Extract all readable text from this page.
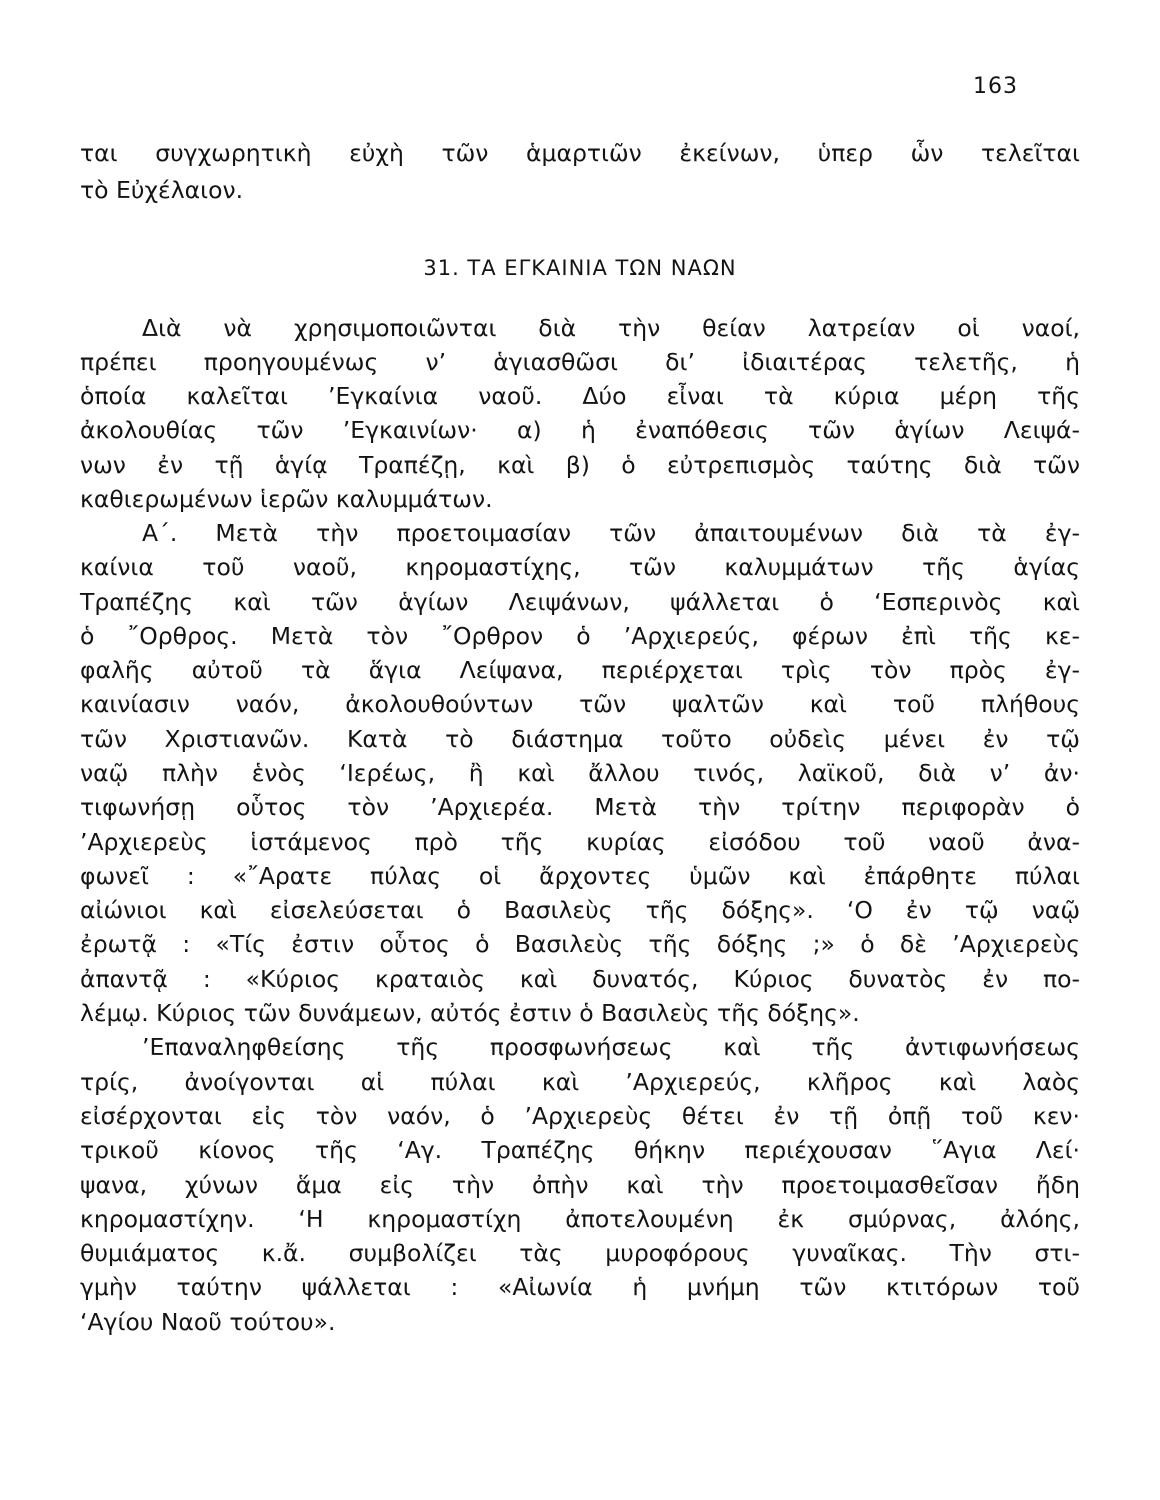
163
ται συγχωρητικὴ εὐχὴ τῶν ἁμαρτιῶν ἐκείνων, ὑπερ ὧν τελεῖται
τὸ Εὐχέλαιον.
31. ΤΑ ΕΓΚΑΙΝΙΑ ΤΩΝ ΝΑΩΝ
Διὰ νὰ χρησιμοποιῶνται διὰ τὴν θείαν λατρείαν οἱ ναοί,
πρέπει προηγουμένως ν’ ἁγιασθῶσι δι’ ἰδιαιτέρας τελετῆς, ἡ
ὁποία καλεῖται ’Εγκαίνια ναοῦ. Δύο εἶναι τὰ κύρια μέρη τῆς
ἀκολουθίας τῶν ’Εγκαινίων· α) ἡ ἐναπόθεσις τῶν ἁγίων Λειψά-
νων ἐν τῇ ἁγίᾳ Τραπέζῃ, καὶ β) ὁ εὐτρεπισμὸς ταύτης διὰ τῶν
καθιερωμένων ἱερῶν καλυμμάτων.
Α΄. Μετὰ τὴν προετοιμασίαν τῶν ἀπαιτουμένων διὰ τὰ ἐγ-
καίνια τοῦ ναοῦ, κηρομαστίχης, τῶν καλυμμάτων τῆς ἁγίας
Τραπέζης καὶ τῶν ἁγίων Λειψάνων, ψάλλεται ὁ ‘Εσπερινὸς καὶ
ὁ ῎Ορθρος. Μετὰ τὸν ῎Ορθρον ὁ ’Αρχιερεύς, φέρων ἐπὶ τῆς κε-
φαλῆς αὐτοῦ τὰ ἅγια Λείψανα, περιέρχεται τρὶς τὸν πρὸς ἐγ-
καινίασιν ναόν, ἀκολουθούντων τῶν ψαλτῶν καὶ τοῦ πλήθους
τῶν Χριστιανῶν. Κατὰ τὸ διάστημα τοῦτο οὐδεὶς μένει ἐν τῷ
ναῷ πλὴν ἑνὸς ‘Ιερέως, ἢ καὶ ἄλλου τινός, λαϊκοῦ, διὰ ν’ ἀν·
τιφωνήσῃ οὗτος τὸν ’Αρχιερέα. Μετὰ τὴν τρίτην περιφορὰν ὁ
’Αρχιερεὺς ἱστάμενος πρὸ τῆς κυρίας εἰσόδου τοῦ ναοῦ ἀνα-
φωνεῖ : «῎Αρατε πύλας οἱ ἄρχοντες ὑμῶν καὶ ἐπάρθητε πύλαι
αἰώνιοι καὶ εἰσελεύσεται ὁ Βασιλεὺς τῆς δόξης». ‘Ο ἐν τῷ ναῷ
ἐρωτᾷ : «Τίς ἐστιν οὗτος ὁ Βασιλεὺς τῆς δόξης ;» ὁ δὲ ’Αρχιερεὺς
ἀπαντᾷ : «Κύριος κραταιὸς καὶ δυνατός, Κύριος δυνατὸς ἐν πο-
λέμῳ. Κύριος τῶν δυνάμεων, αὐτός ἐστιν ὁ Βασιλεὺς τῆς δόξης».
’Επαναληφθείσης τῆς προσφωνήσεως καὶ τῆς ἀντιφωνήσεως
τρίς, ἀνοίγονται αἱ πύλαι καὶ ’Αρχιερεύς, κλῆρος καὶ λαὸς
εἰσέρχονται εἰς τὸν ναόν, ὁ ’Αρχιερεὺς θέτει ἐν τῇ ὀπῇ τοῦ κεν·
τρικοῦ κίονος τῆς ‘Αγ. Τραπέζης θήκην περιέχουσαν ῞Αγια Λεί·
ψανα, χύνων ἅμα εἰς τὴν ὀπὴν καὶ τὴν προετοιμασθεῖσαν ἤδη
κηρομαστίχην. ‘Η κηρομαστίχη ἀποτελουμένη ἐκ σμύρνας, ἀλόης,
θυμιάματος κ.ἄ. συμβολίζει τὰς μυροφόρους γυναῖκας. Τὴν στι-
γμὴν ταύτην ψάλλεται : «Αἰωνία ἡ μνήμη τῶν κτιτόρων τοῦ
‘Αγίου Ναοῦ τούτου».
